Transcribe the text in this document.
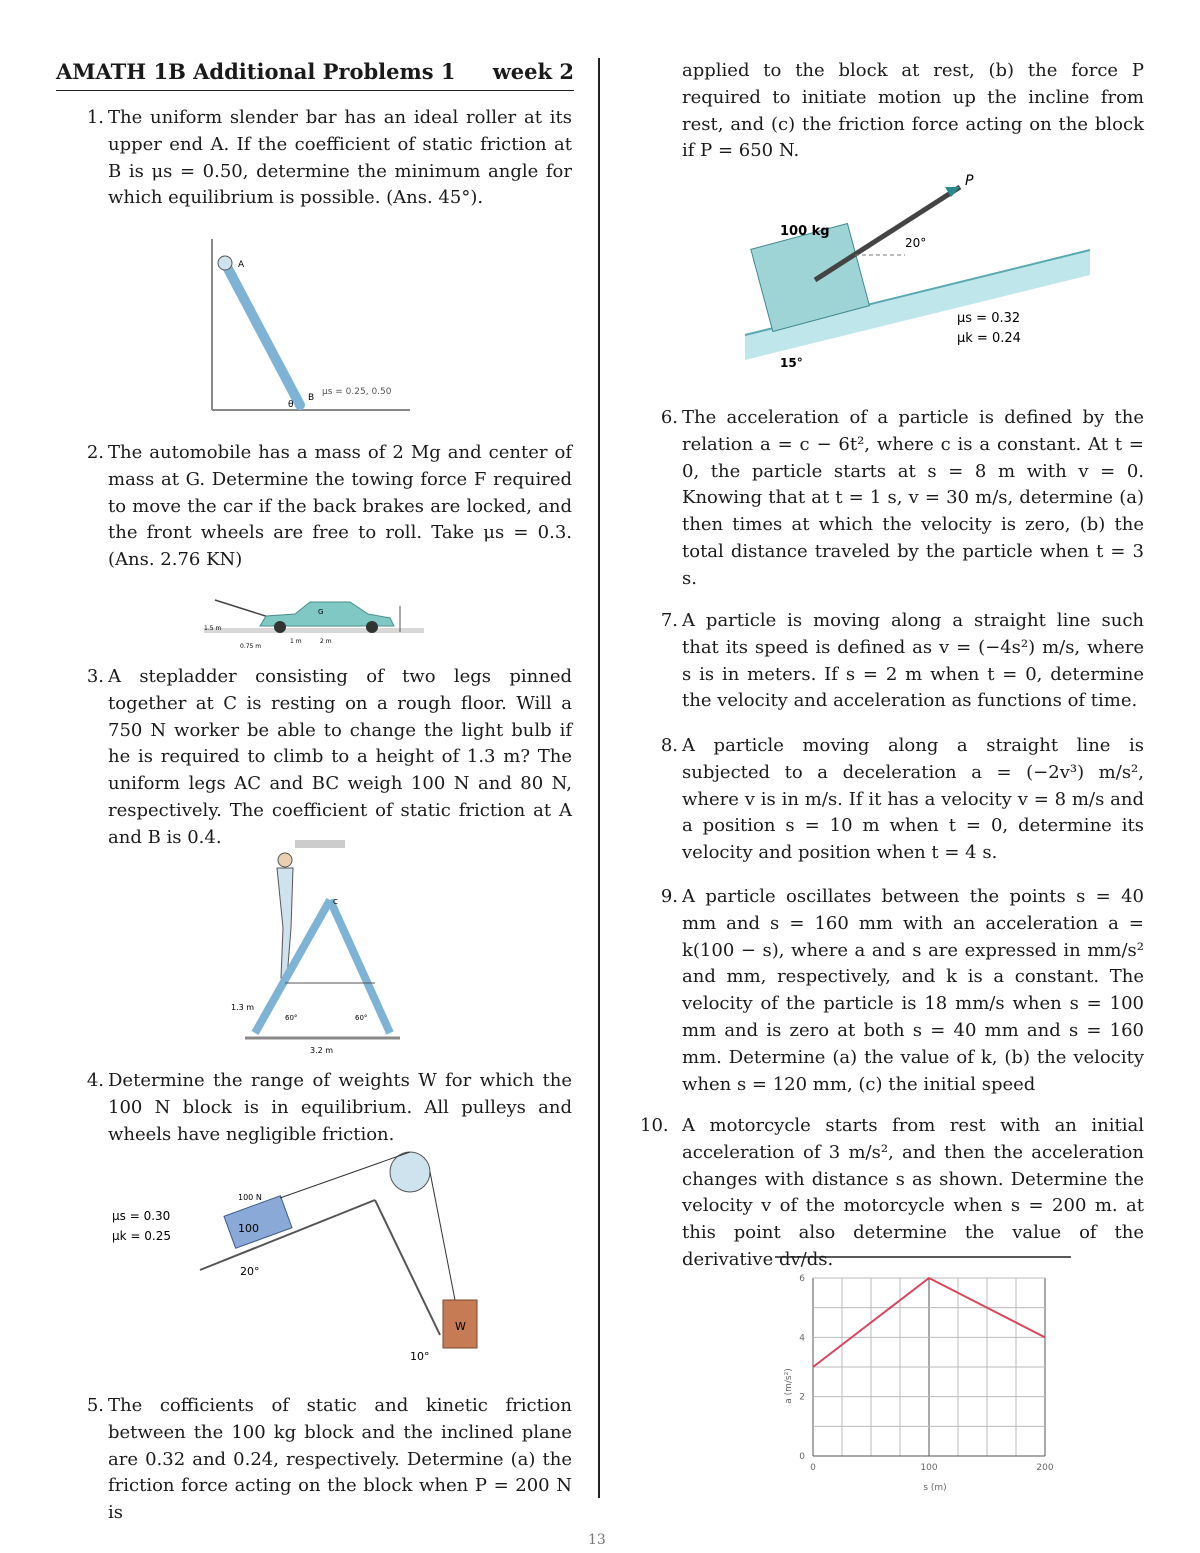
AMATH 1B Additional Problems 1 week 2
1. The uniform slender bar has an ideal roller at its upper end A. If the coefficient of static friction at B is μs = 0.50, determine the minimum angle for which equilibrium is possible. (Ans. 45°).
A
B
θ
μs = 0.25, 0.50
2. The automobile has a mass of 2 Mg and center of mass at G. Determine the towing force F required to move the car if the back brakes are locked, and the front wheels are free to roll. Take μs = 0.3. (Ans. 2.76 KN)
1.5 m
0.75 m
1 m	2 m
G
3. A stepladder consisting of two legs pinned together at C is resting on a rough floor. Will a 750 N worker be able to change the light bulb if he is required to climb to a height of 1.3 m? The uniform legs AC and BC weigh 100 N and 80 N, respectively. The coefficient of static friction at A and B is 0.4.
1.3 m
3.2 m
60°	60°
C
4. Determine the range of weights W for which the 100 N block is in equilibrium. All pulleys and wheels have negligible friction.
μs = 0.30
μk = 0.25
100
100 N
20°
W
10°
5. The cofficients of static and kinetic friction between the 100 kg block and the inclined plane are 0.32 and 0.24, respectively. Determine (a) the friction force acting on the block when P = 200 N is
applied to the block at rest, (b) the force P required to initiate motion up the incline from rest, and (c) the friction force acting on the block if P = 650 N.
100 kg
P
20°
μs = 0.32
μk = 0.24
15°
6. The acceleration of a particle is defined by the relation a = c − 6t², where c is a constant. At t = 0, the particle starts at s = 8 m with v = 0. Knowing that at t = 1 s, v = 30 m/s, determine (a) then times at which the velocity is zero, (b) the total distance traveled by the particle when t = 3 s.
7. A particle is moving along a straight line such that its speed is defined as v = (−4s²) m/s, where s is in meters. If s = 2 m when t = 0, determine the velocity and acceleration as functions of time.
8. A particle moving along a straight line is subjected to a deceleration a = (−2v³) m/s², where v is in m/s. If it has a velocity v = 8 m/s and a position s = 10 m when t = 0, determine its velocity and position when t = 4 s.
9. A particle oscillates between the points s = 40 mm and s = 160 mm with an acceleration a = k(100 − s), where a and s are expressed in mm/s² and mm, respectively, and k is a constant. The velocity of the particle is 18 mm/s when s = 100 mm and is zero at both s = 40 mm and s = 160 mm. Determine (a) the value of k, (b) the velocity when s = 120 mm, (c) the initial speed
10. A motorcycle starts from rest with an initial acceleration of 3 m/s², and then the acceleration changes with distance s as shown. Determine the velocity v of the motorcycle when s = 200 m. at this point also determine the value of the derivative dv/ds.
0	100	200
0
2
4
6
a (m/s²)
s (m)
13
